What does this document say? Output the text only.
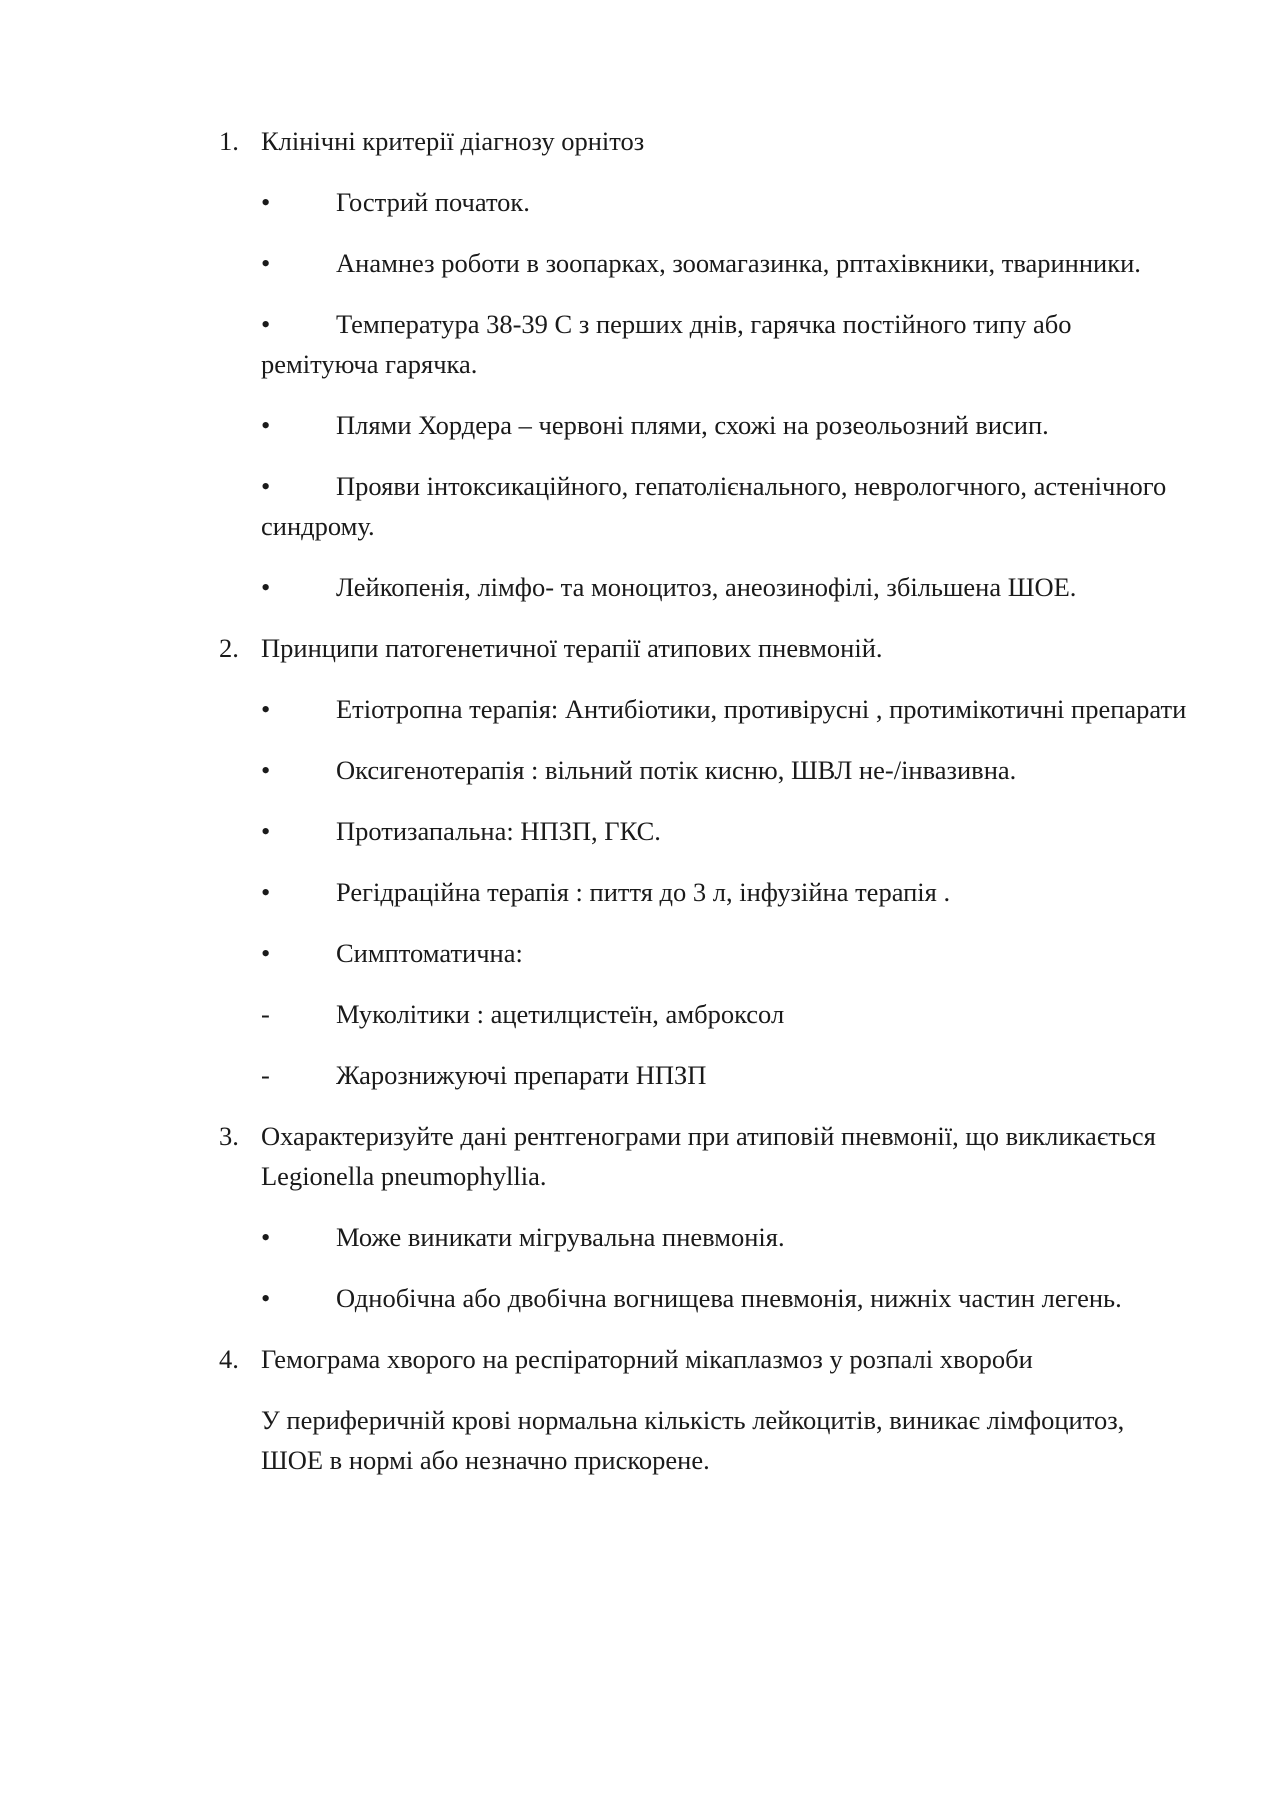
1. Клінічні критерії діагнозу орнітоз
• Гострий початок.
• Анамнез роботи в зоопарках, зоомагазинка, рптахівкники, тваринники.
• Температура 38-39 С з перших днів, гарячка постійного типу або ремітуюча гарячка.
• Плями Хордера – червоні плями, схожі на розеольозний висип.
• Прояви інтоксикаційного, гепатолієнального, неврологчного, астенічного синдрому.
• Лейкопенія, лімфо- та моноцитоз, анеозинофілі, збільшена ШОЕ.
2. Принципи патогенетичної терапії атипових пневмоній.
• Етіотропна терапія: Антибіотики, противірусні , протимікотичні препарати
• Оксигенотерапія : вільний потік кисню, ШВЛ не-/інвазивна.
• Протизапальна: НПЗП, ГКС.
• Регідраційна терапія : пиття до 3 л, інфузійна терапія .
• Симптоматична:
- Муколітики : ацетилцистеїн, амброксол
- Жарознижуючі препарати НПЗП
3. Охарактеризуйте дані рентгенограми при атиповій пневмонії, що викликається Legionella pneumophyllia.
• Може виникати мігрувальна пневмонія.
• Однобічна або двобічна вогнищева пневмонія, нижніх частин легень.
4. Гемограма хворого на респіраторний мікаплазмоз у розпалі хвороби
У периферичній крові нормальна кількість лейкоцитів, виникає лімфоцитоз, ШОЕ в нормі або незначно прискорене.
